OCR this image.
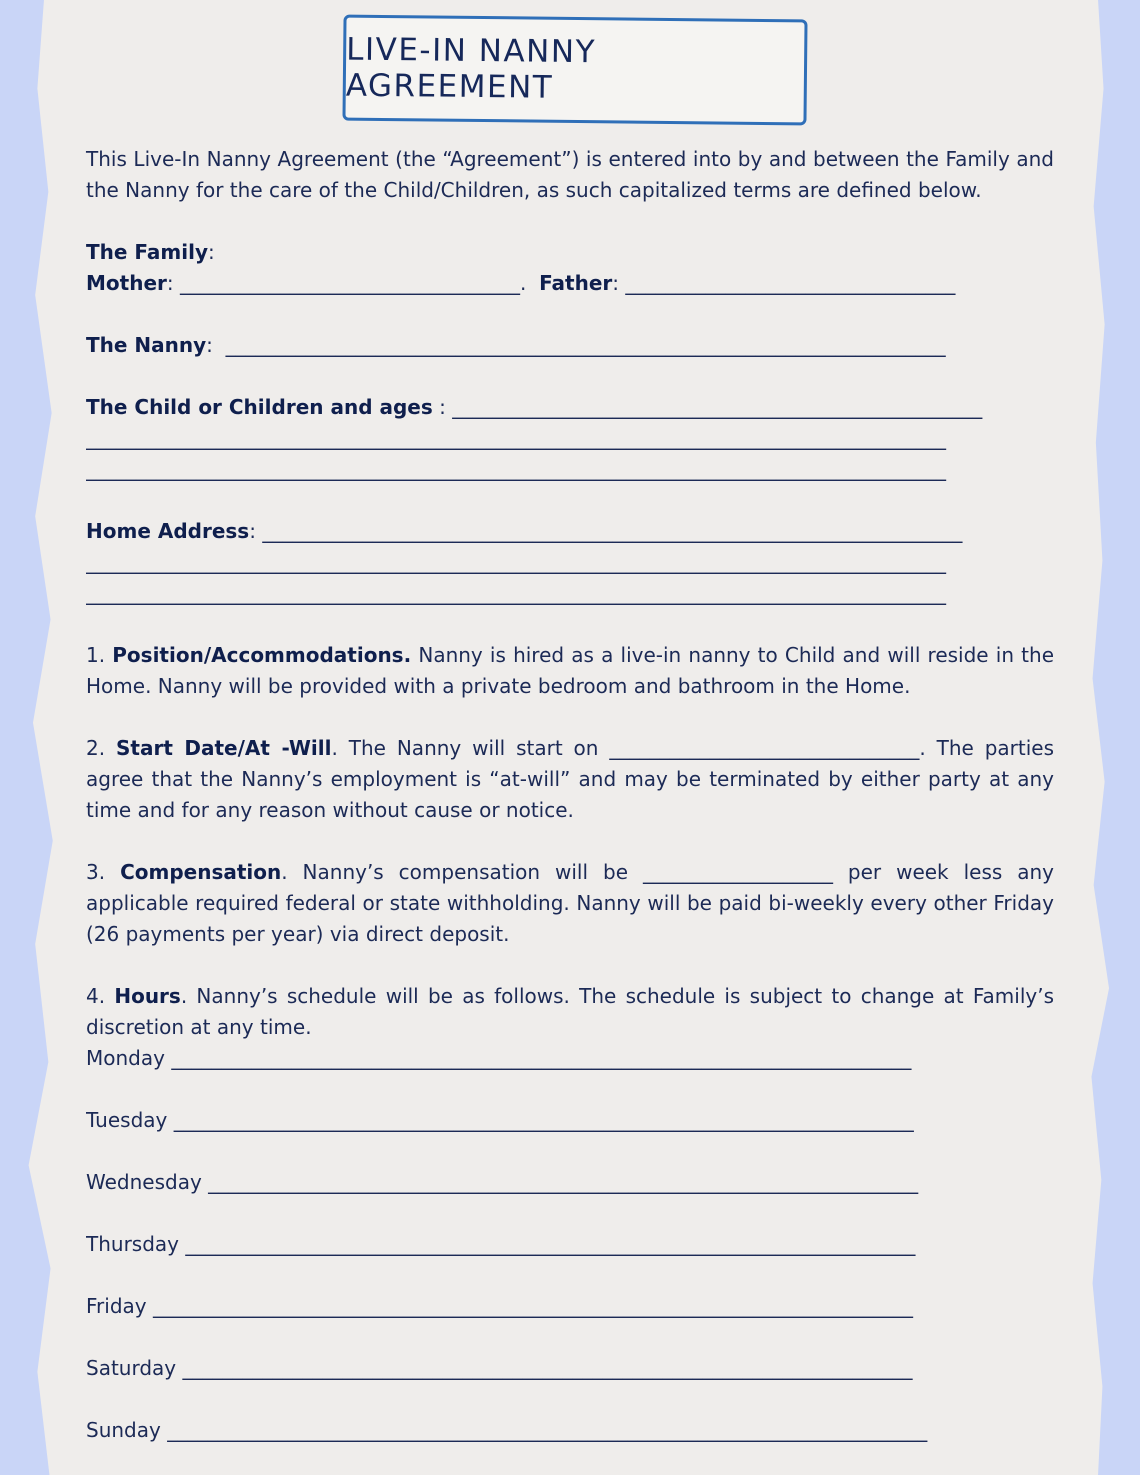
LIVE-IN NANNY AGREEMENT

This Live-In Nanny Agreement (the “Agreement”) is entered into by and between the Family and the Nanny for the care of the Child/Children, as such capitalized terms are defined below.

The Family:

Mother: __________________________________.  Father: _________________________________

The Nanny:  ________________________________________________________________________

The Child or Children and ages : _____________________________________________________

______________________________________________________________________________________

______________________________________________________________________________________

Home Address: ______________________________________________________________________

______________________________________________________________________________________

______________________________________________________________________________________

1. Position/Accommodations. Nanny is hired as a live-in nanny to Child and will reside in the Home. Nanny will be provided with a private bedroom and bathroom in the Home.

2. Start Date/At -Will. The Nanny will start on _______________________________. The parties agree that the Nanny’s employment is “at-will” and may be terminated by either party at any time and for any reason without cause or notice.

3. Compensation. Nanny’s compensation will be ___________________ per week less any applicable required federal or state withholding. Nanny will be paid bi-weekly every other Friday (26 payments per year) via direct deposit.

4. Hours. Nanny’s schedule will be as follows. The schedule is subject to change at Family’s discretion at any time.

Monday __________________________________________________________________________

Tuesday __________________________________________________________________________

Wednesday _______________________________________________________________________

Thursday _________________________________________________________________________

Friday ____________________________________________________________________________

Saturday _________________________________________________________________________

Sunday ____________________________________________________________________________
